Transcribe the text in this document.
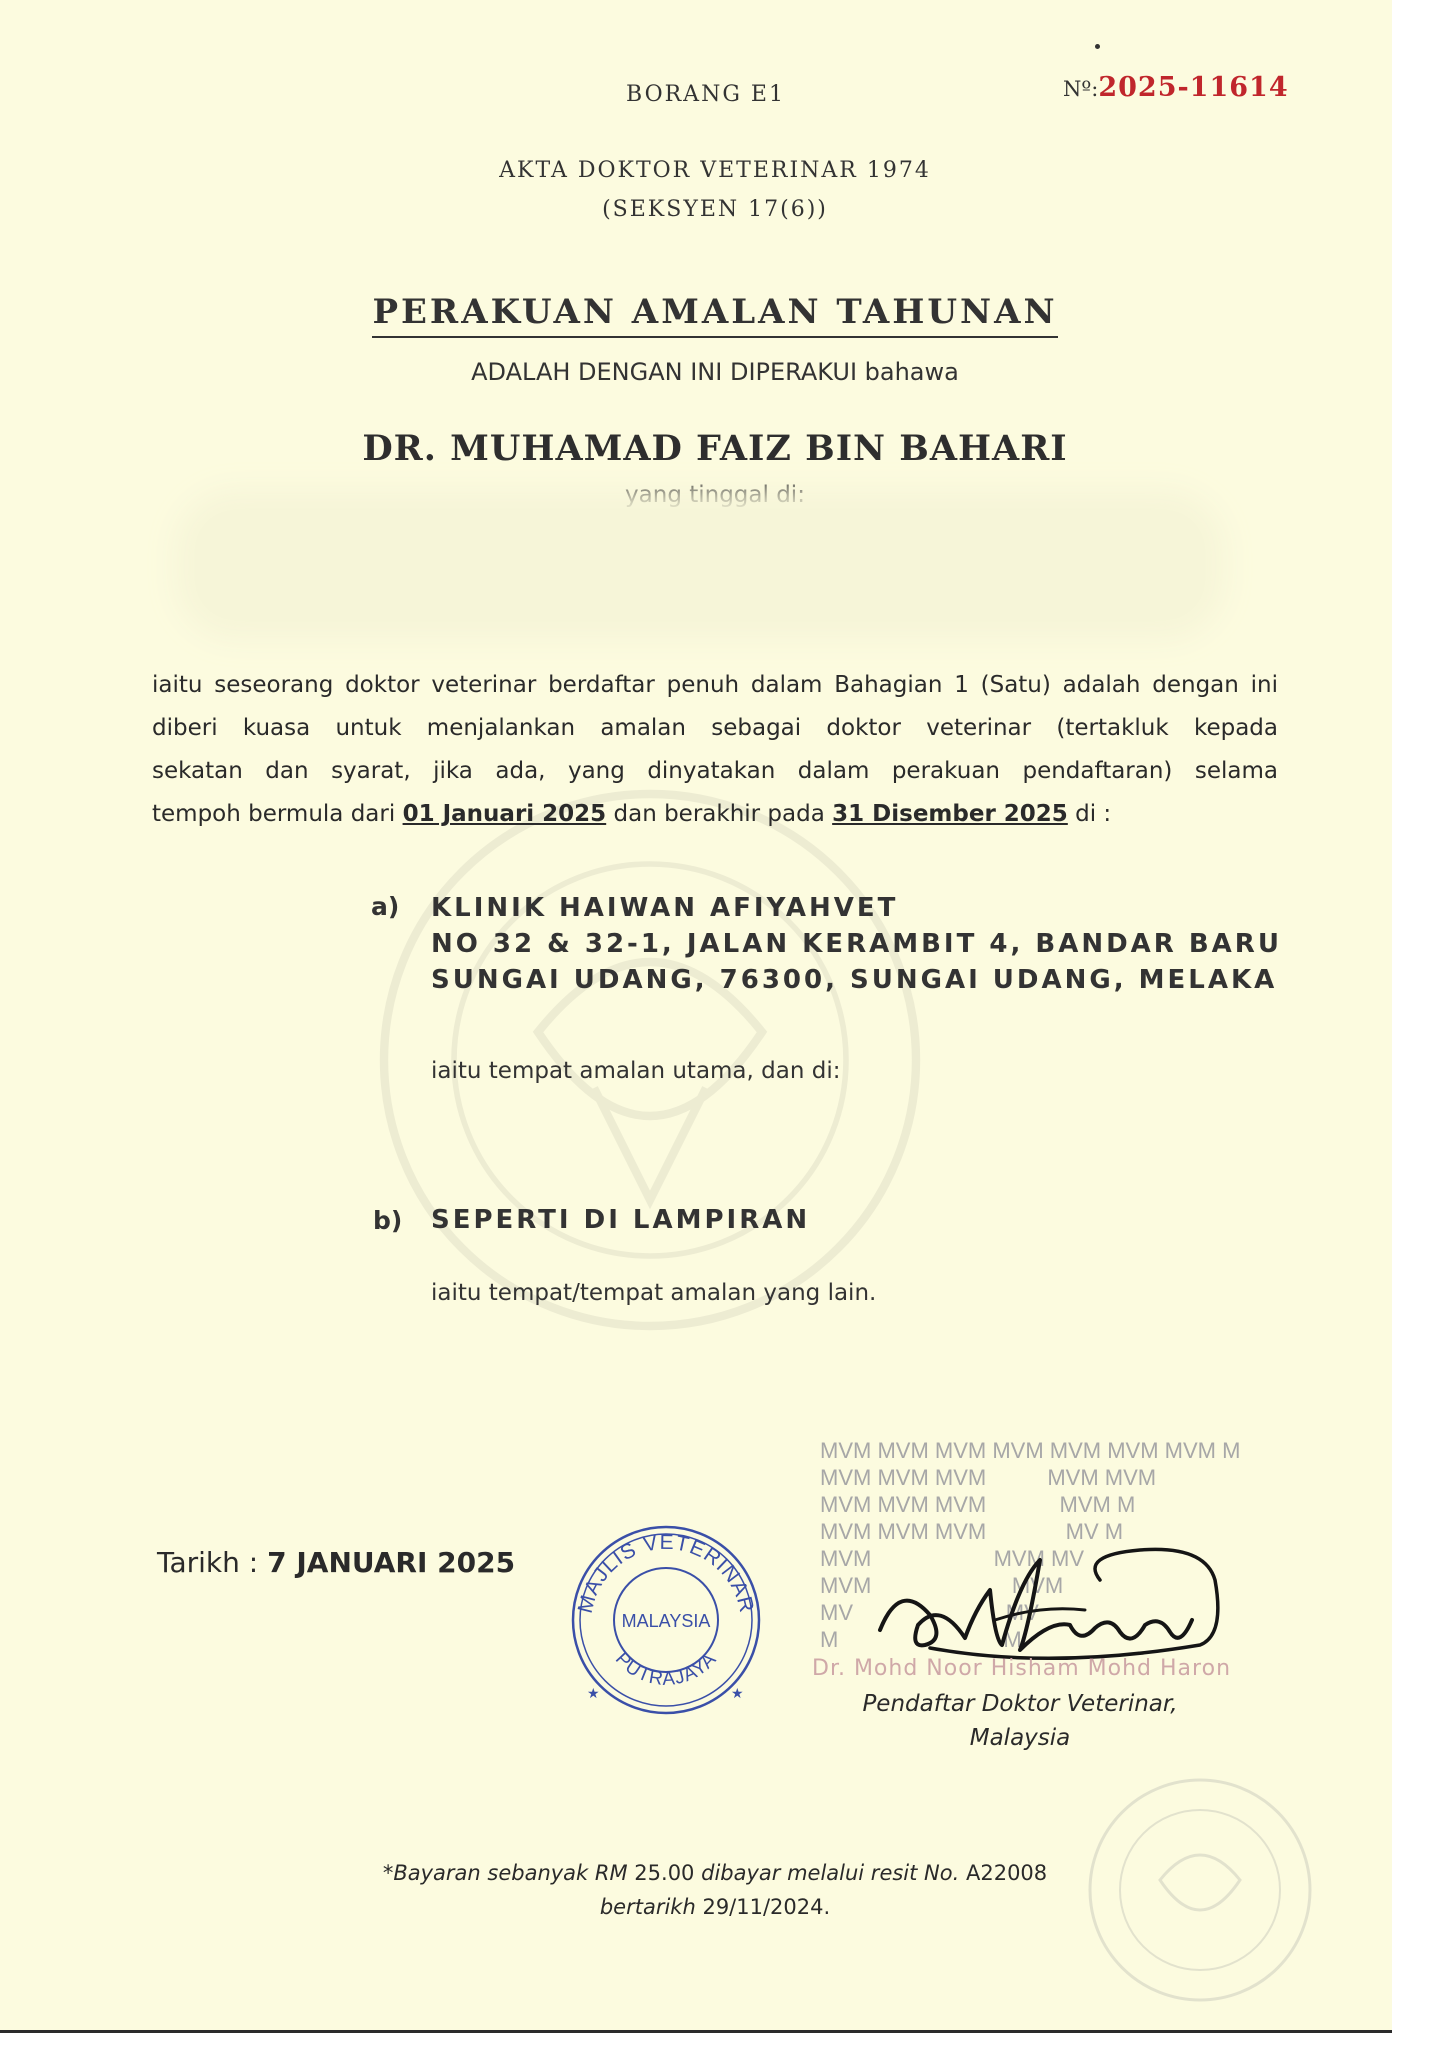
BORANG E1	Nº:2025-11614
AKTA DOKTOR VETERINAR 1974
(SEKSYEN 17(6))
PERAKUAN AMALAN TAHUNAN
ADALAH DENGAN INI DIPERAKUI bahawa
DR. MUHAMAD FAIZ BIN BAHARI
yang tinggal di:
iaitu seseorang doktor veterinar berdaftar penuh dalam Bahagian 1 (Satu) adalah dengan ini
diberi kuasa untuk menjalankan amalan sebagai doktor veterinar (tertakluk kepada
sekatan dan syarat, jika ada, yang dinyatakan dalam perakuan pendaftaran) selama
tempoh bermula dari 01 Januari 2025 dan berakhir pada 31 Disember 2025 di :
a) KLINIK HAIWAN AFIYAHVET
NO 32 & 32-1, JALAN KERAMBIT 4, BANDAR BARU
SUNGAI UDANG, 76300, SUNGAI UDANG, MELAKA
iaitu tempat amalan utama, dan di:
b) SEPERTI DI LAMPIRAN
iaitu tempat/tempat amalan yang lain.
Tarikh : 7 JANUARI 2025
MAJLIS VETERINAR
PUTRAJAYA
MALAYSIA
★	★
MVM MVM MVM MVM MVM MVM MVM M
MVM MVM MVM          MVM MVM
MVM MVM MVM            MVM M
MVM MVM MVM             MV M
MVM                    MVM MV
MVM                       MVM
MV                         MV
M                           M
Dr. Mohd Noor Hisham Mohd Haron
Pendaftar Doktor Veterinar,
Malaysia
*Bayaran sebanyak RM 25.00 dibayar melalui resit No. A22008
bertarikh 29/11/2024.
